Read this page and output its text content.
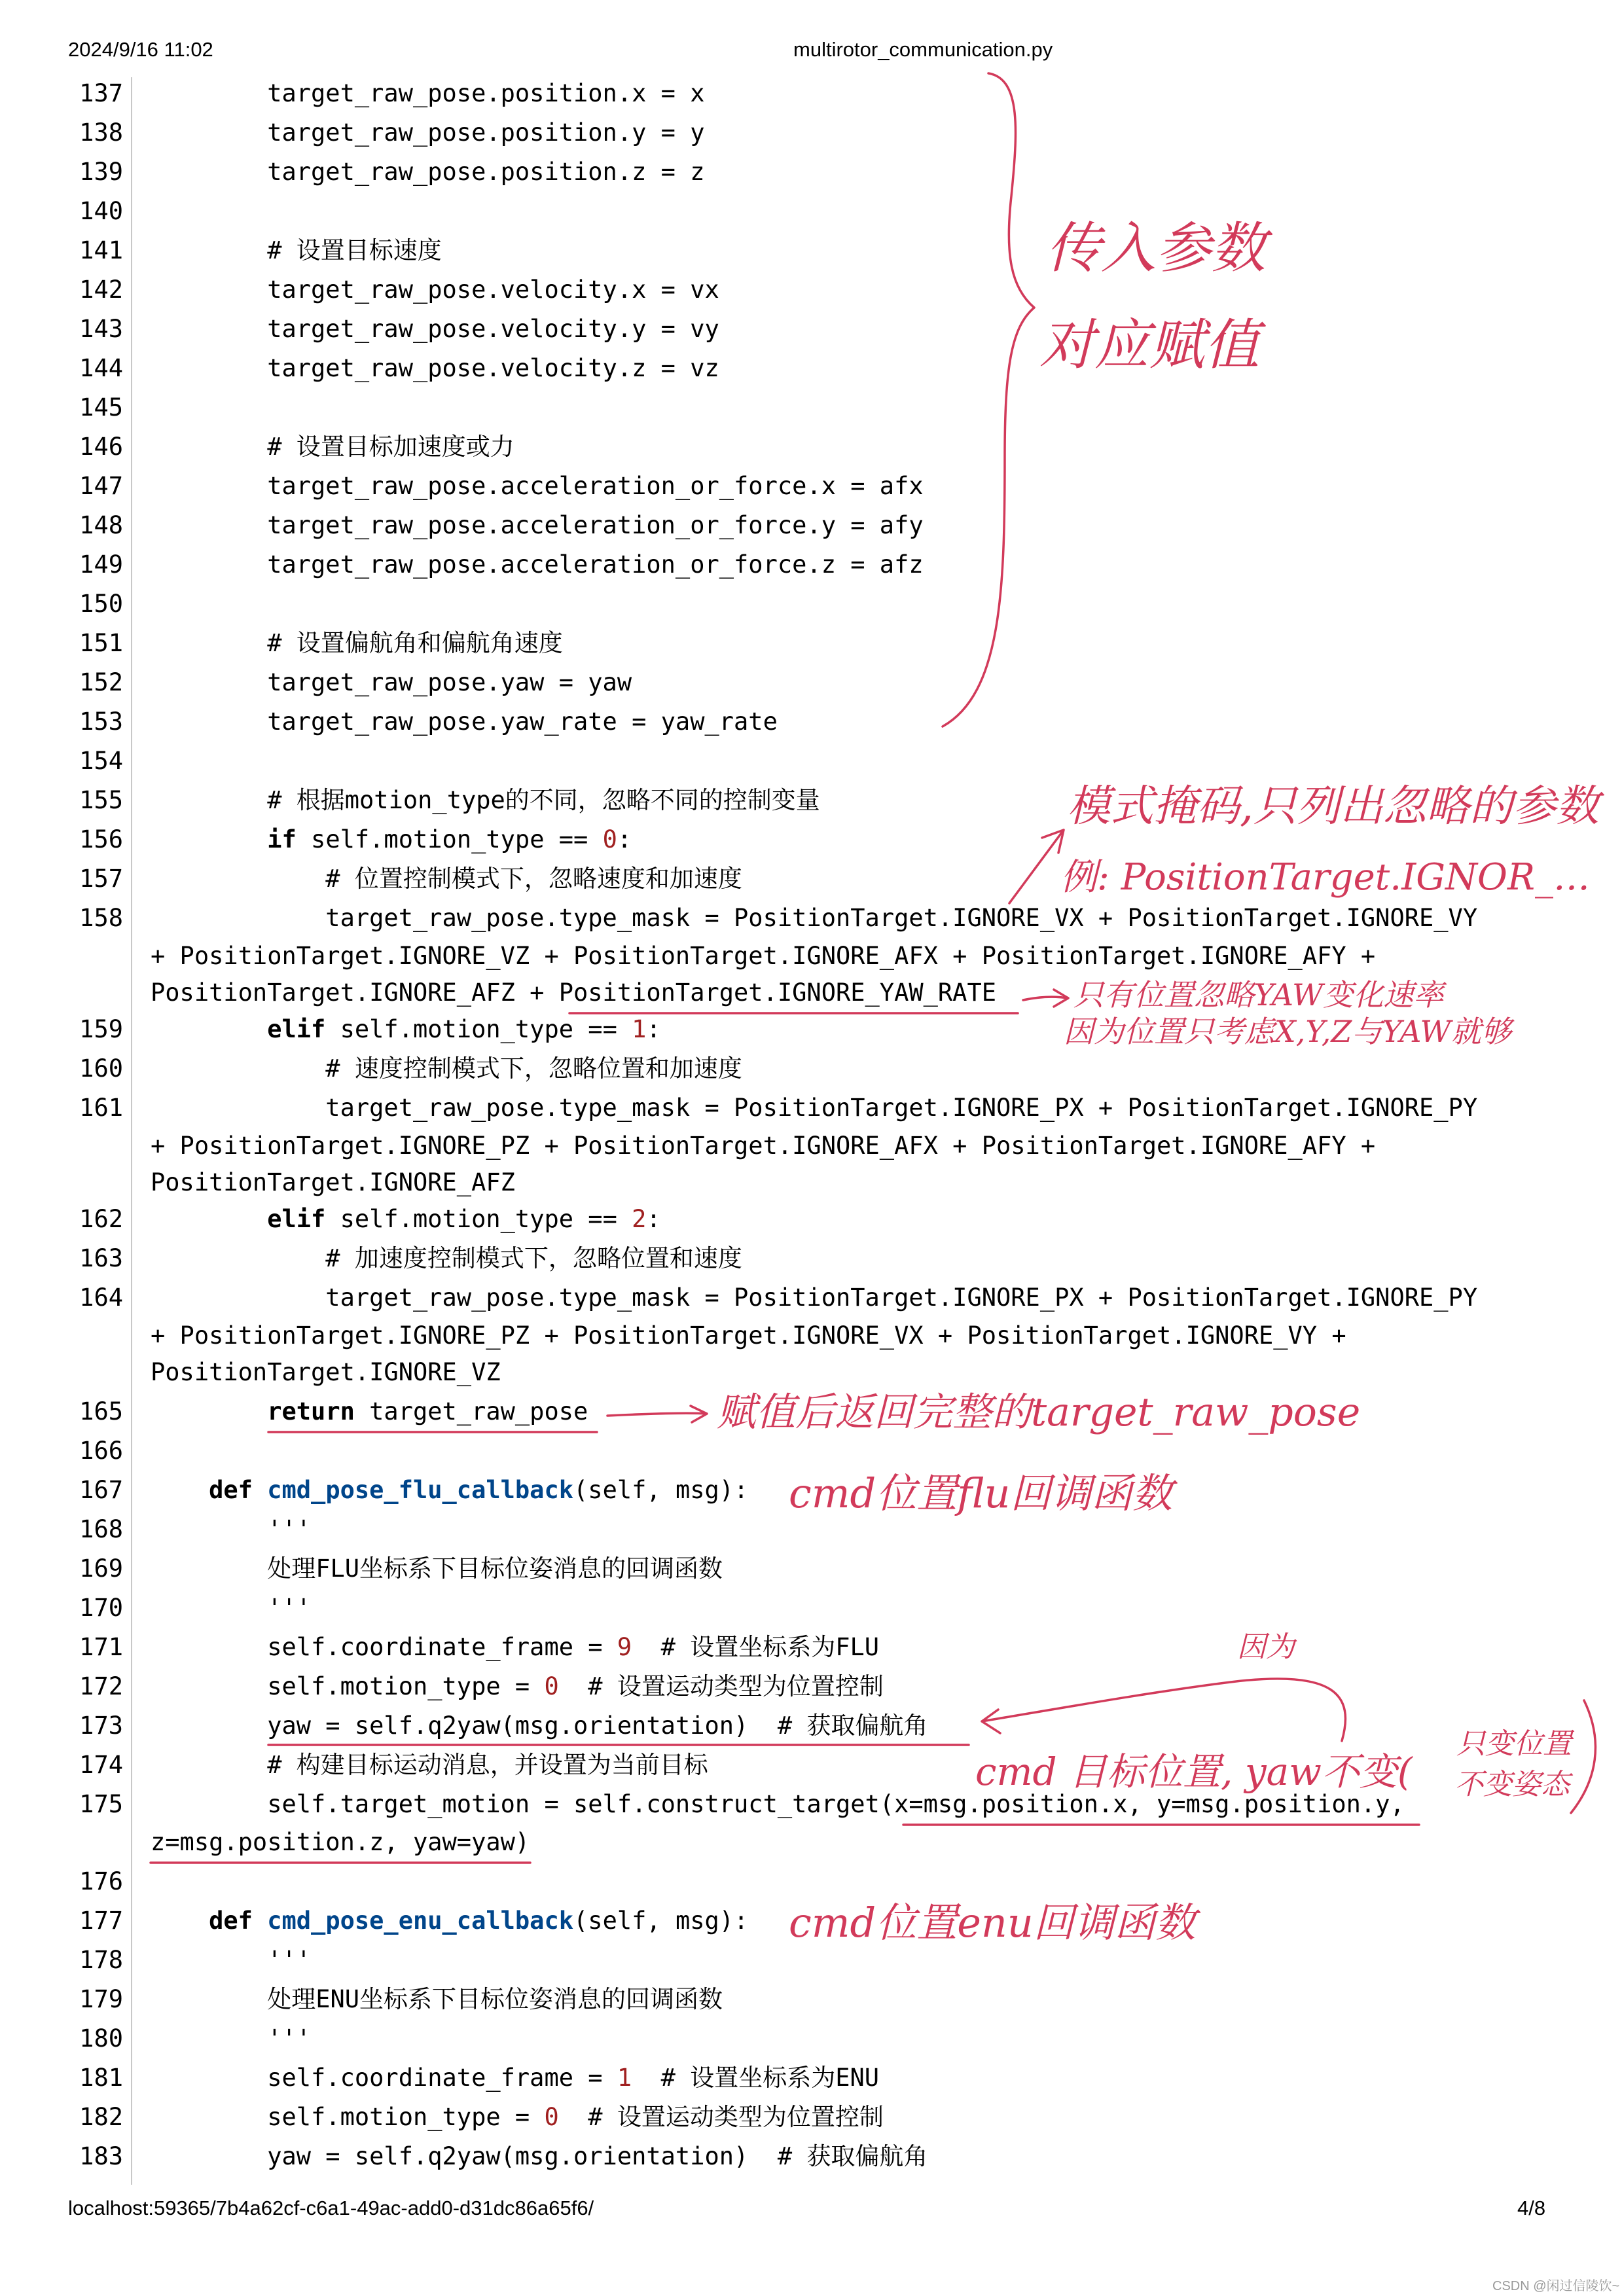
2024/9/16 11:02	multirotor_communication.py
137 target_raw_pose.position.x = x
138 target_raw_pose.position.y = y
139 target_raw_pose.position.z = z
140
141 # 设置目标速度
142 target_raw_pose.velocity.x = vx
143 target_raw_pose.velocity.y = vy
144 target_raw_pose.velocity.z = vz
145
146 # 设置目标加速度或力
147 target_raw_pose.acceleration_or_force.x = afx
148 target_raw_pose.acceleration_or_force.y = afy
149 target_raw_pose.acceleration_or_force.z = afz
150
151 # 设置偏航角和偏航角速度
152 target_raw_pose.yaw = yaw
153 target_raw_pose.yaw_rate = yaw_rate
154
155 # 根据motion_type的不同，忽略不同的控制变量
156	if self.motion_type == 0:
157 # 位置控制模式下，忽略速度和加速度
158 target_raw_pose.type_mask = PositionTarget.IGNORE_VX + PositionTarget.IGNORE_VY
+ PositionTarget.IGNORE_VZ + PositionTarget.IGNORE_AFX + PositionTarget.IGNORE_AFY +
PositionTarget.IGNORE_AFZ + PositionTarget.IGNORE_YAW_RATE
159	elif self.motion_type == 1:
160 # 速度控制模式下，忽略位置和加速度
161 target_raw_pose.type_mask = PositionTarget.IGNORE_PX + PositionTarget.IGNORE_PY
+ PositionTarget.IGNORE_PZ + PositionTarget.IGNORE_AFX + PositionTarget.IGNORE_AFY +
PositionTarget.IGNORE_AFZ
162	elif self.motion_type == 2:
163 # 加速度控制模式下，忽略位置和速度
164 target_raw_pose.type_mask = PositionTarget.IGNORE_PX + PositionTarget.IGNORE_PY
+ PositionTarget.IGNORE_PZ + PositionTarget.IGNORE_VX + PositionTarget.IGNORE_VY +
PositionTarget.IGNORE_VZ
165	return target_raw_pose
166
167	def cmd_pose_flu_callback(self, msg):
168 '''
169 处理FLU坐标系下目标位姿消息的回调函数
170 '''
171	self.coordinate_frame = 9  # 设置坐标系为FLU
172	self.motion_type = 0  # 设置运动类型为位置控制
173 yaw = self.q2yaw(msg.orientation)  # 获取偏航角
174 # 构建目标运动消息，并设置为当前目标
175 self.target_motion = self.construct_target(x=msg.position.x, y=msg.position.y,
z=msg.position.z, yaw=yaw)
176
177	def cmd_pose_enu_callback(self, msg):
178 '''
179 处理ENU坐标系下目标位姿消息的回调函数
180 '''
181	self.coordinate_frame = 1  # 设置坐标系为ENU
182	self.motion_type = 0  # 设置运动类型为位置控制
183 yaw = self.q2yaw(msg.orientation)  # 获取偏航角
传入参数
对应赋值
模式掩码,只列出忽略的参数
例: PositionTarget.IGNOR_…
只有位置忽略YAW变化速率
因为位置只考虑X,Y,Z与YAW就够
赋值后返回完整的target_raw_pose
cmd位置flu回调函数
因为
cmd 目标位置, yaw不变(
只变位置
不变姿态
cmd位置enu回调函数
localhost:59365/7b4a62cf-c6a1-49ac-add0-d31dc86a65f6/	4/8
CSDN @闲过信陵饮~
